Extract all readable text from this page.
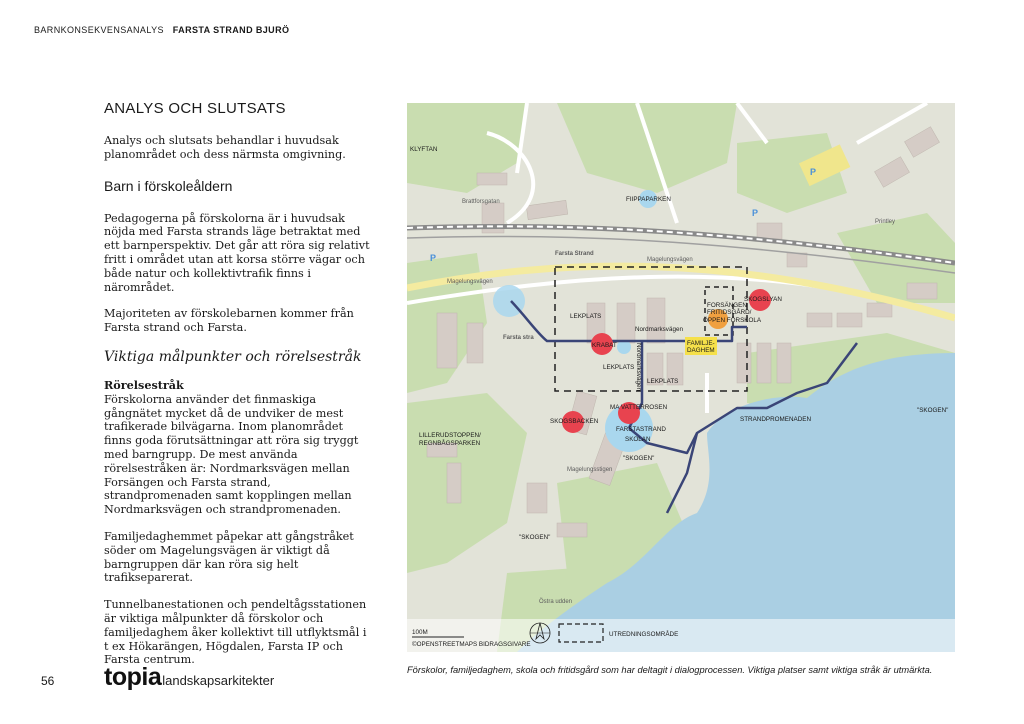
BARNKONSEKVENSANALYS FARSTA STRAND BJURÖ
ANALYS OCH SLUTSATS

Analys och slutsats behandlar i huvudsak planområdet och dess närmsta omgivning.

Barn i förskoleåldern

Pedagogerna på förskolorna är i huvudsak nöjda med Farsta strands läge betraktat med ett barnperspektiv. Det går att röra sig relativt fritt i området utan att korsa större vägar och både natur och kollektivtrafik finns i närområdet.

Majoriteten av förskolebarnen kommer från Farsta strand och Farsta.

Viktiga målpunkter och rörelsestråk
Rörelsestråk

Förskolorna använder det finmaskiga gångnätet mycket då de undviker de mest trafikerade bilvägarna. Inom planområdet finns goda förutsättningar att röra sig tryggt med barngrupp. De mest använda rörelsestråken är: Nordmarksvägen mellan Forsängen och Farsta strand, strandpromenaden samt kopplingen mellan Nordmarksvägen och strandpromenaden.

Familjedaghemmet påpekar att gångstråket söder om Magelungsvägen är viktigt då barngruppen där kan röra sig helt trafikseparerat.

Tunnelbanestationen och pendeltågsstationen är viktiga målpunkter då förskolor och familjedaghem åker kollektivt till utflyktsmål i t ex Hökarängen, Högdalen, Farsta IP och Farsta centrum.

56 topia landskapsarkitekter
P
P
P
Brattforsgatan
Farsta Strand
Magelungsvägen
Magelungsvägen
Farsta stra
Printley
Magelungsstigen
Östra udden
KLYFTAN
FIIPPAPARKEN
LEKPLATS
Nordmarksvägen
Nordmarksvägen
KRABAT	FAMILJE-
DAGHEM
FORSÄNGEN
FRITIDSGÅRD/
ÖPPEN FÖRSKOLA
SKOGSLYAN
LEKPLATS
LEKPLATS
SKOGSBACKEN
MA VATTERROSEN
FARSTASTRAND
SKOLAN
"SKOGEN"
"SKOGEN"
"SKOGEN"
STRANDPROMENADEN
LILLERUDSTOPPEN/
REGNBÅGSPARKEN
100M
©OPENSTREETMAPS BIDRAGSGIVARE
UTREDNINGSOMRÅDE
Förskolor, familjedaghem, skola och fritidsgård som har deltagit i dialogprocessen. Viktiga platser samt viktiga stråk är utmärkta.
